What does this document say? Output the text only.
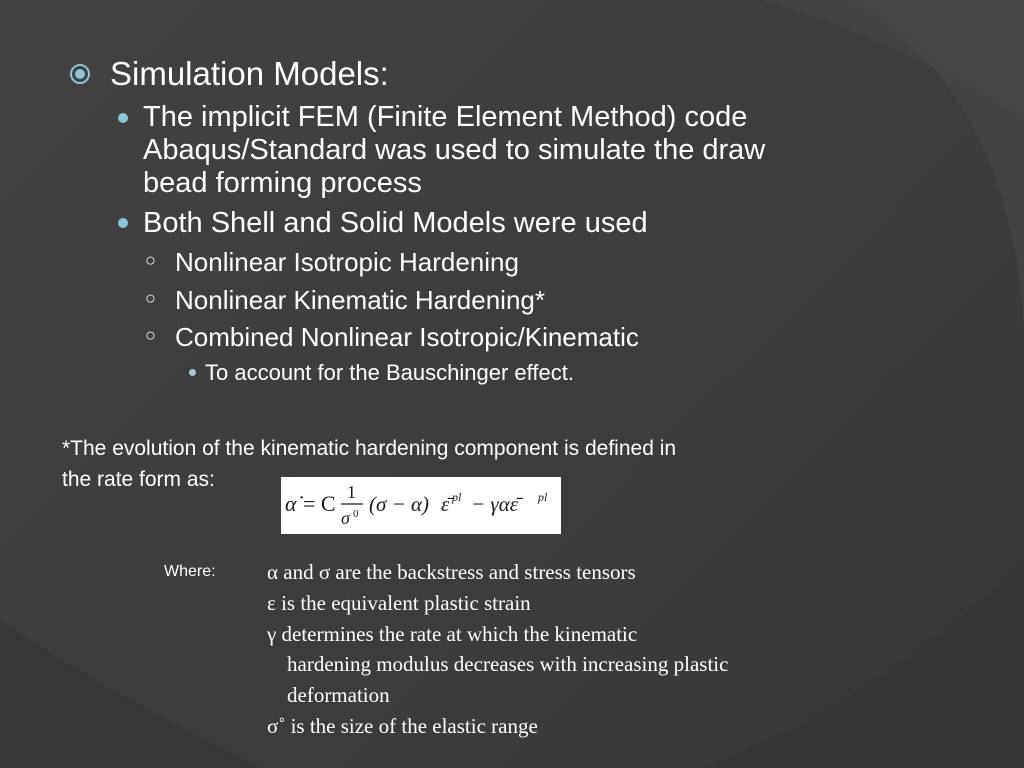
Simulation Models:
The implicit FEM (Finite Element Method) code
Abaqus/Standard was used to simulate the draw
bead forming process
Both Shell and Solid Models were used
○ Nonlinear Isotropic Hardening
○ Nonlinear Kinematic Hardening*
○ Combined Nonlinear Isotropic/Kinematic
To account for the Bauschinger effect.
*The evolution of the kinematic hardening component is defined in
the rate form as:
α̇ = C 1
σ 0 (σ − α) ε̄ pl − γαε̄	pl
Where: α and σ are the backstress and stress tensors
ε is the equivalent plastic strain
γ determines the rate at which the kinematic
hardening modulus decreases with increasing plastic
deformation
σ˚ is the size of the elastic range
